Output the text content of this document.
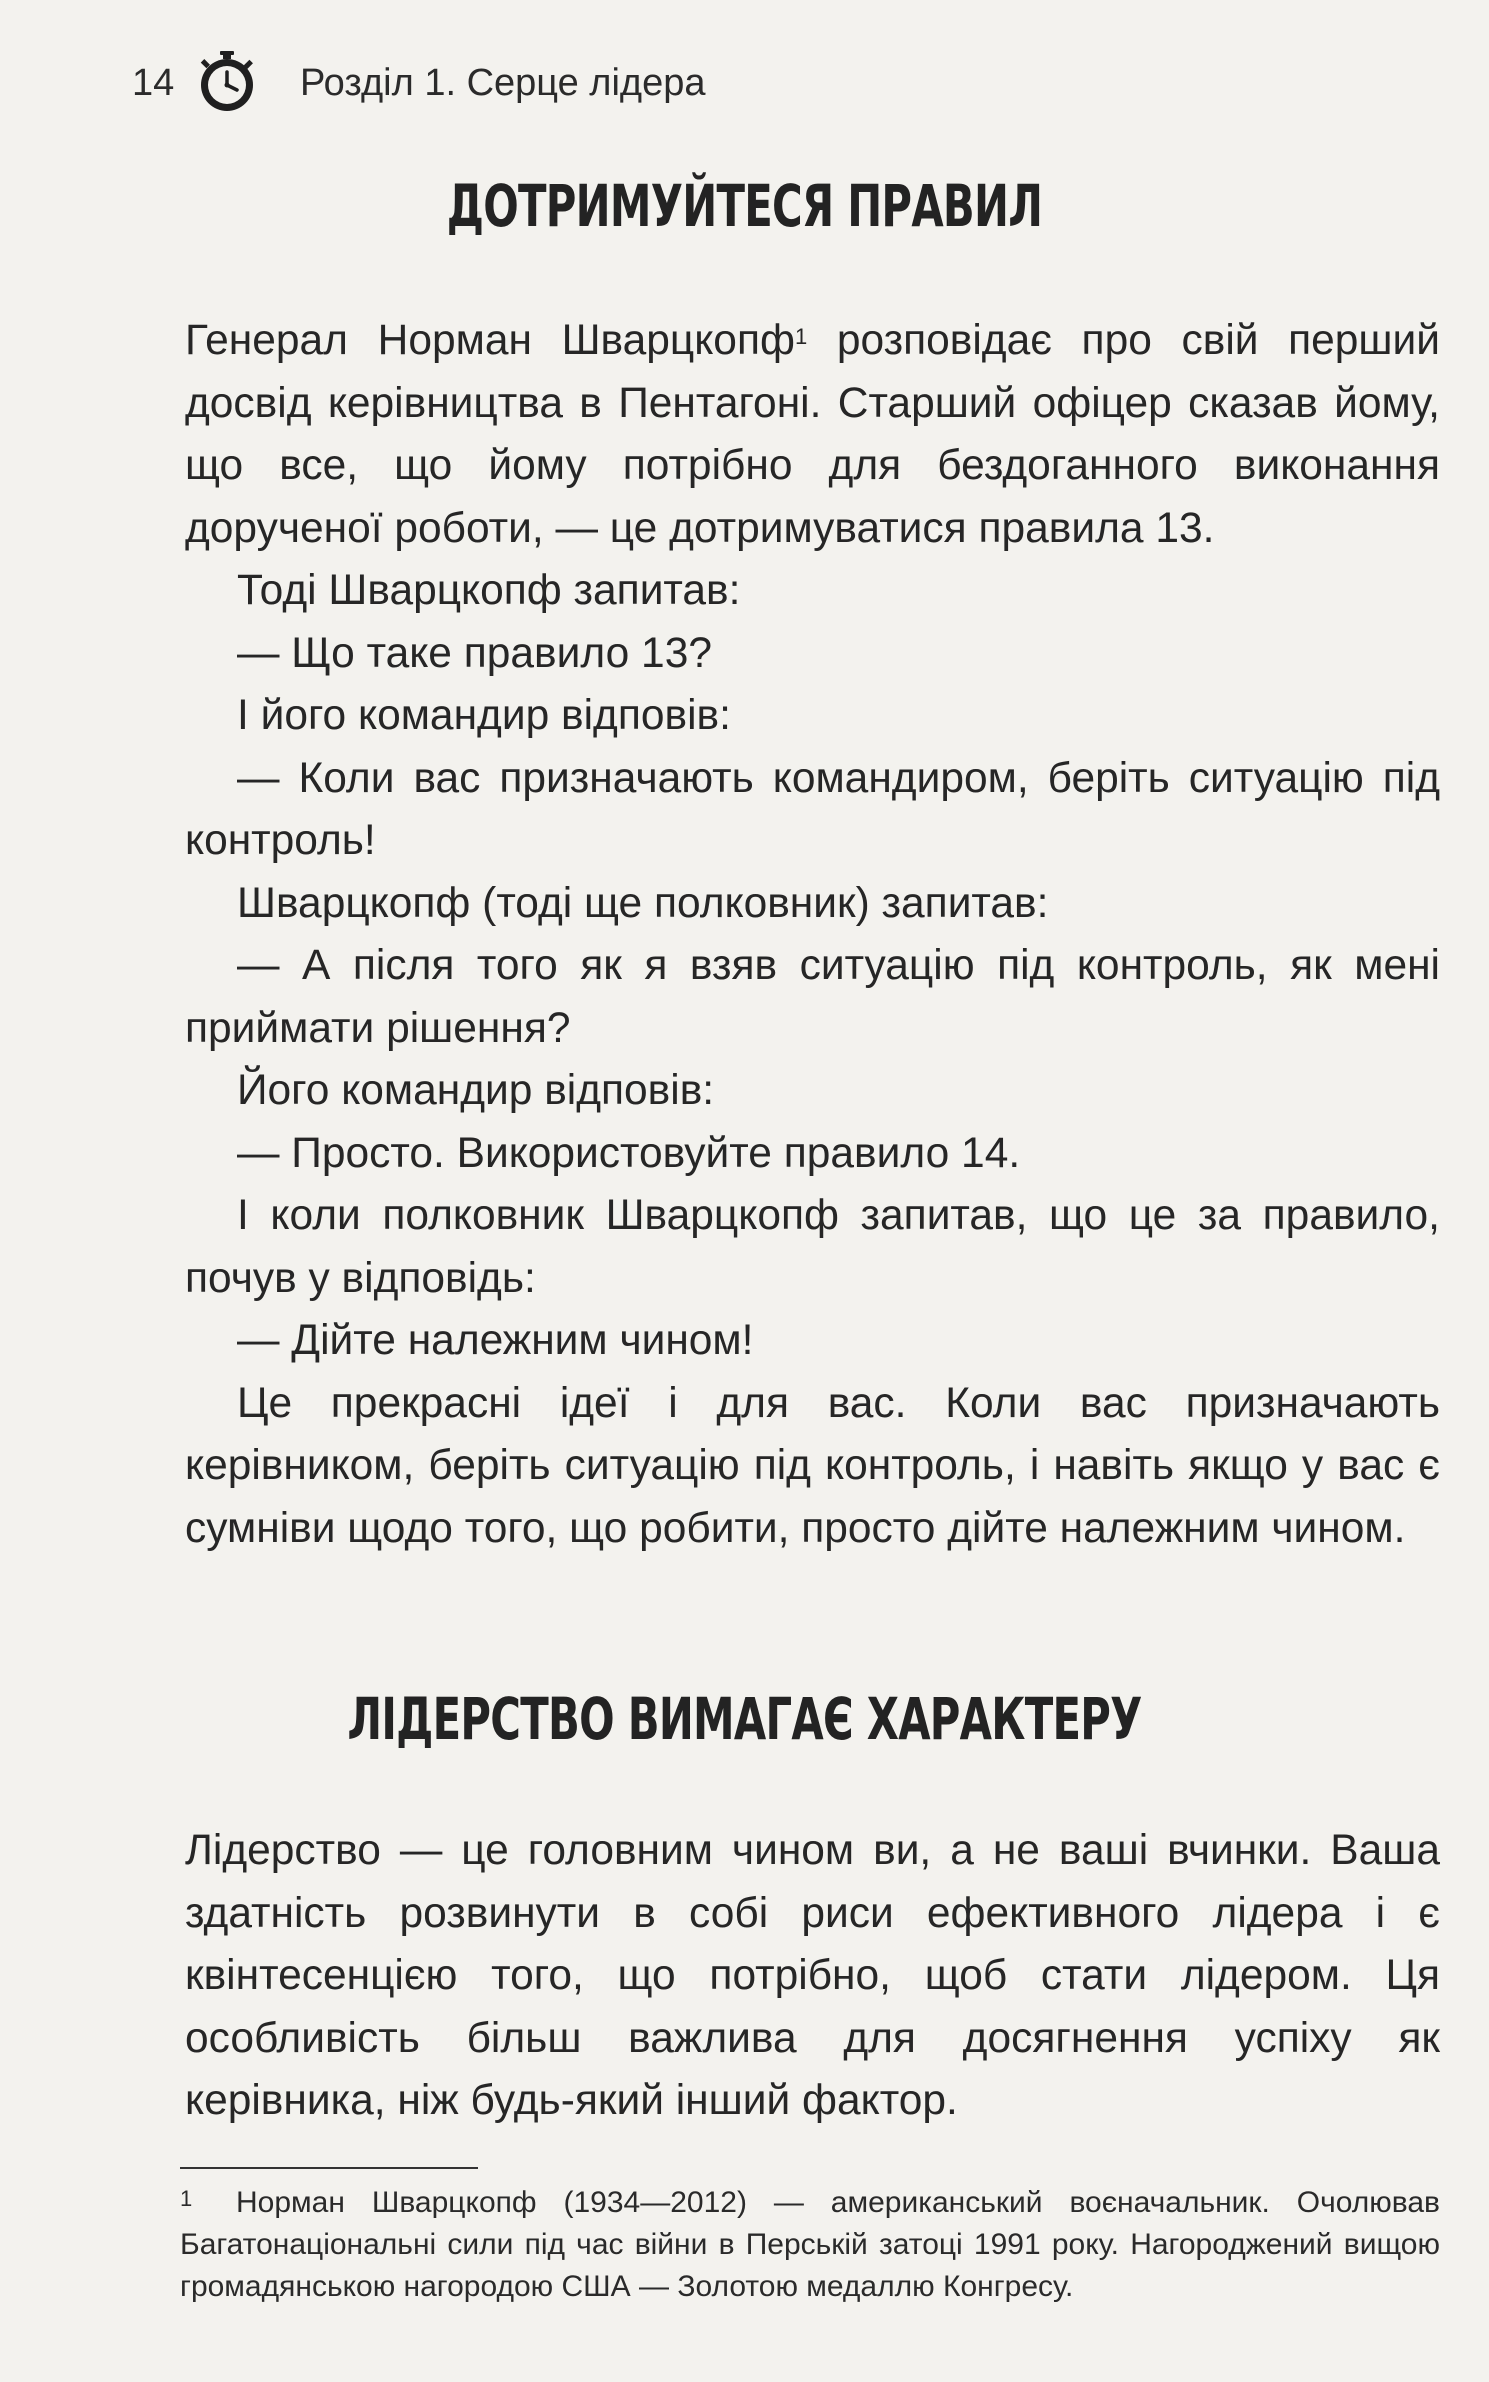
14	Розділ 1. Серце лідера
ДОТРИМУЙТЕСЯ ПРАВИЛ

Генерал Норман Шварцкопф$^1$ розповідає про свій перший досвід керівництва в Пентагоні. Старший офіцер сказав йому, що все, що йому потрібно для бездоганного виконання дорученої роботи, — це дотримуватися правила 13.

Тоді Шварцкопф запитав:

— Що таке правило 13?

І його командир відповів:

— Коли вас призначають командиром, беріть ситуацію під контроль!

Шварцкопф (тоді ще полковник) запитав:

— А після того як я взяв ситуацію під контроль, як мені приймати рішення?

Його командир відповів:

— Просто. Використовуйте правило 14.

І коли полковник Шварцкопф запитав, що це за правило, почув у відповідь:

— Дійте належним чином!

Це прекрасні ідеї і для вас. Коли вас призначають керівником, беріть ситуацію під контроль, і навіть якщо у вас є сумніви щодо того, що робити, просто дійте належним чином.

ЛІДЕРСТВО ВИМАГАЄ ХАРАКТЕРУ

Лідерство — це головним чином ви, а не ваші вчинки. Ваша здатність розвинути в собі риси ефективного лідера і є квінтесенцією того, що потрібно, щоб стати лідером. Ця особливість більш важлива для досягнення успіху як керівника, ніж будь-який інший фактор.

1	Норман Шварцкопф (1934—2012) — американський воєначальник. Очолював Багатонаціональні сили під час війни в Перській затоці 1991 року. Нагороджений вищою громадянською нагородою США — Золотою медаллю Конгресу.
